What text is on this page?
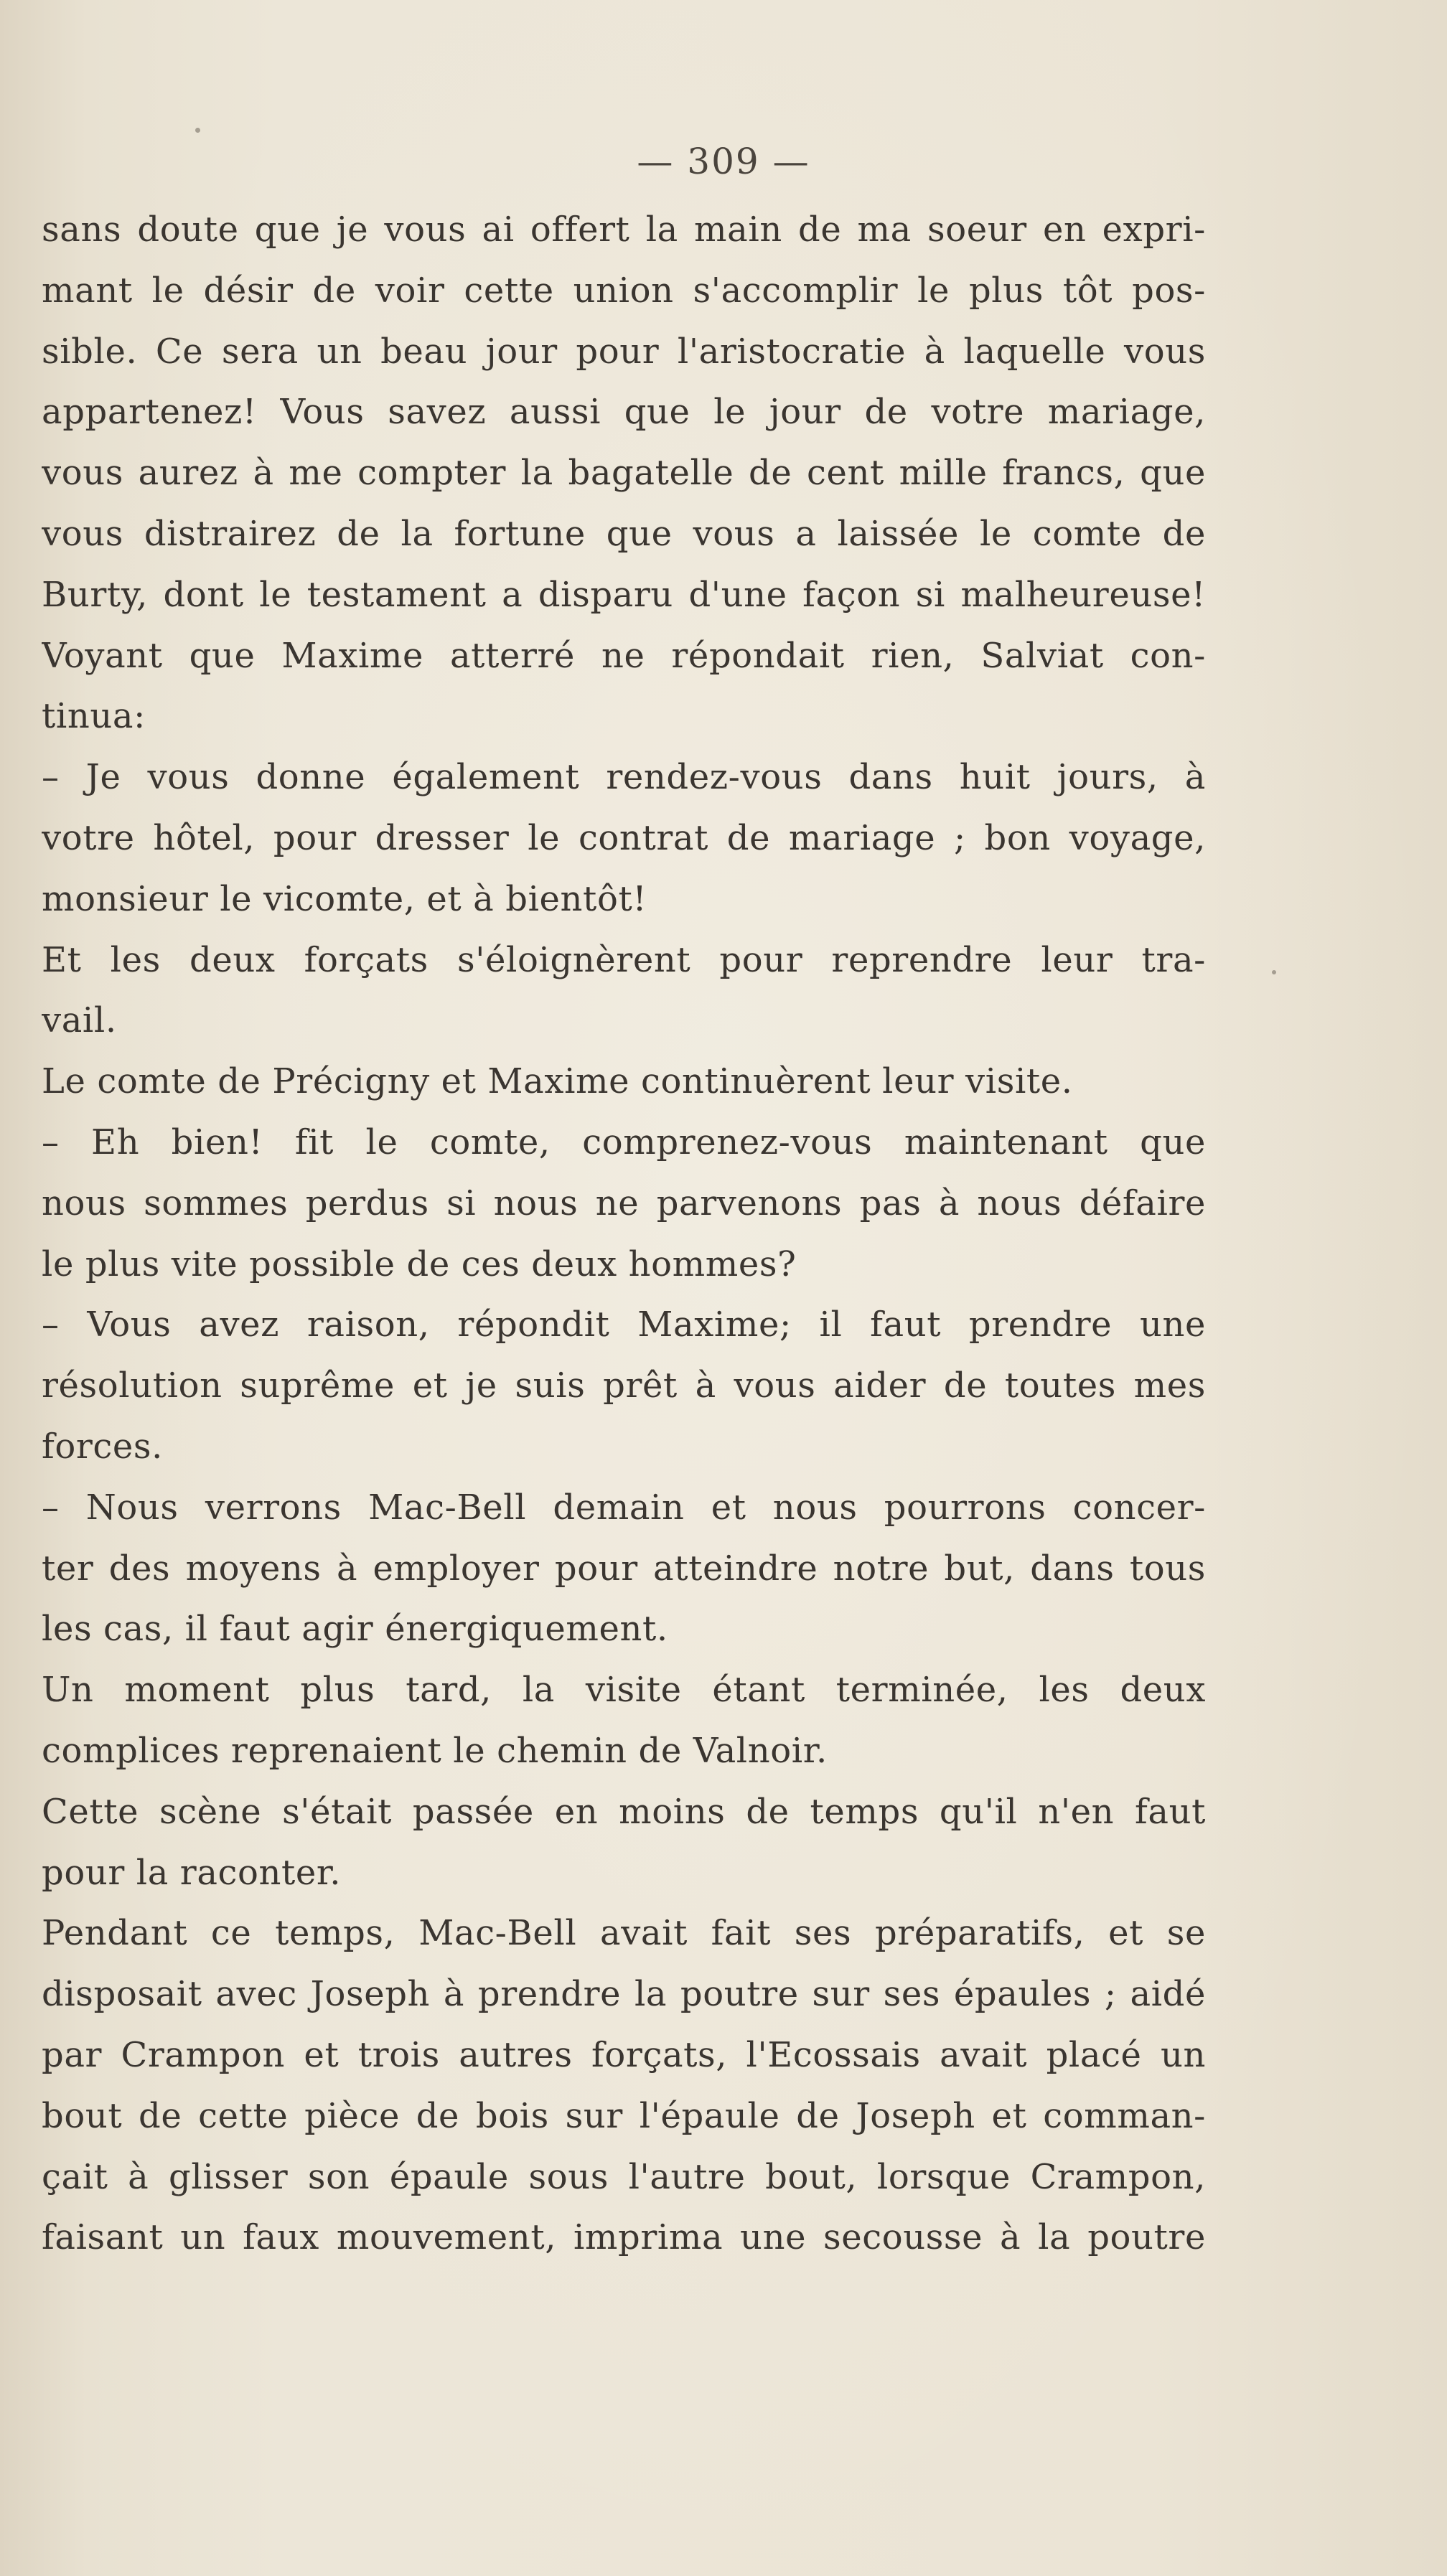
— 309 —
sans doute que je vous ai offert la main de ma soeur en expri-
mant le désir de voir cette union s'accomplir le plus tôt pos-
sible. Ce sera un beau jour pour l'aristocratie à laquelle vous
appartenez! Vous savez aussi que le jour de votre mariage,
vous aurez à me compter la bagatelle de cent mille francs, que
vous distrairez de la fortune que vous a laissée le comte de
Burty, dont le testament a disparu d'une façon si malheureuse!
Voyant que Maxime atterré ne répondait rien, Salviat con-
tinua:
– Je vous donne également rendez-vous dans huit jours, à
votre hôtel, pour dresser le contrat de mariage ; bon voyage,
monsieur le vicomte, et à bientôt!
Et les deux forçats s'éloignèrent pour reprendre leur tra-
vail.
Le comte de Précigny et Maxime continuèrent leur visite.
– Eh bien! fit le comte, comprenez-vous maintenant que
nous sommes perdus si nous ne parvenons pas à nous défaire
le plus vite possible de ces deux hommes?
– Vous avez raison, répondit Maxime; il faut prendre une
résolution suprême et je suis prêt à vous aider de toutes mes
forces.
– Nous verrons Mac-Bell demain et nous pourrons concer-
ter des moyens à employer pour atteindre notre but, dans tous
les cas, il faut agir énergiquement.
Un moment plus tard, la visite étant terminée, les deux
complices reprenaient le chemin de Valnoir.
Cette scène s'était passée en moins de temps qu'il n'en faut
pour la raconter.
Pendant ce temps, Mac-Bell avait fait ses préparatifs, et se
disposait avec Joseph à prendre la poutre sur ses épaules ; aidé
par Crampon et trois autres forçats, l'Ecossais avait placé un
bout de cette pièce de bois sur l'épaule de Joseph et comman-
çait à glisser son épaule sous l'autre bout, lorsque Crampon,
faisant un faux mouvement, imprima une secousse à la poutre
